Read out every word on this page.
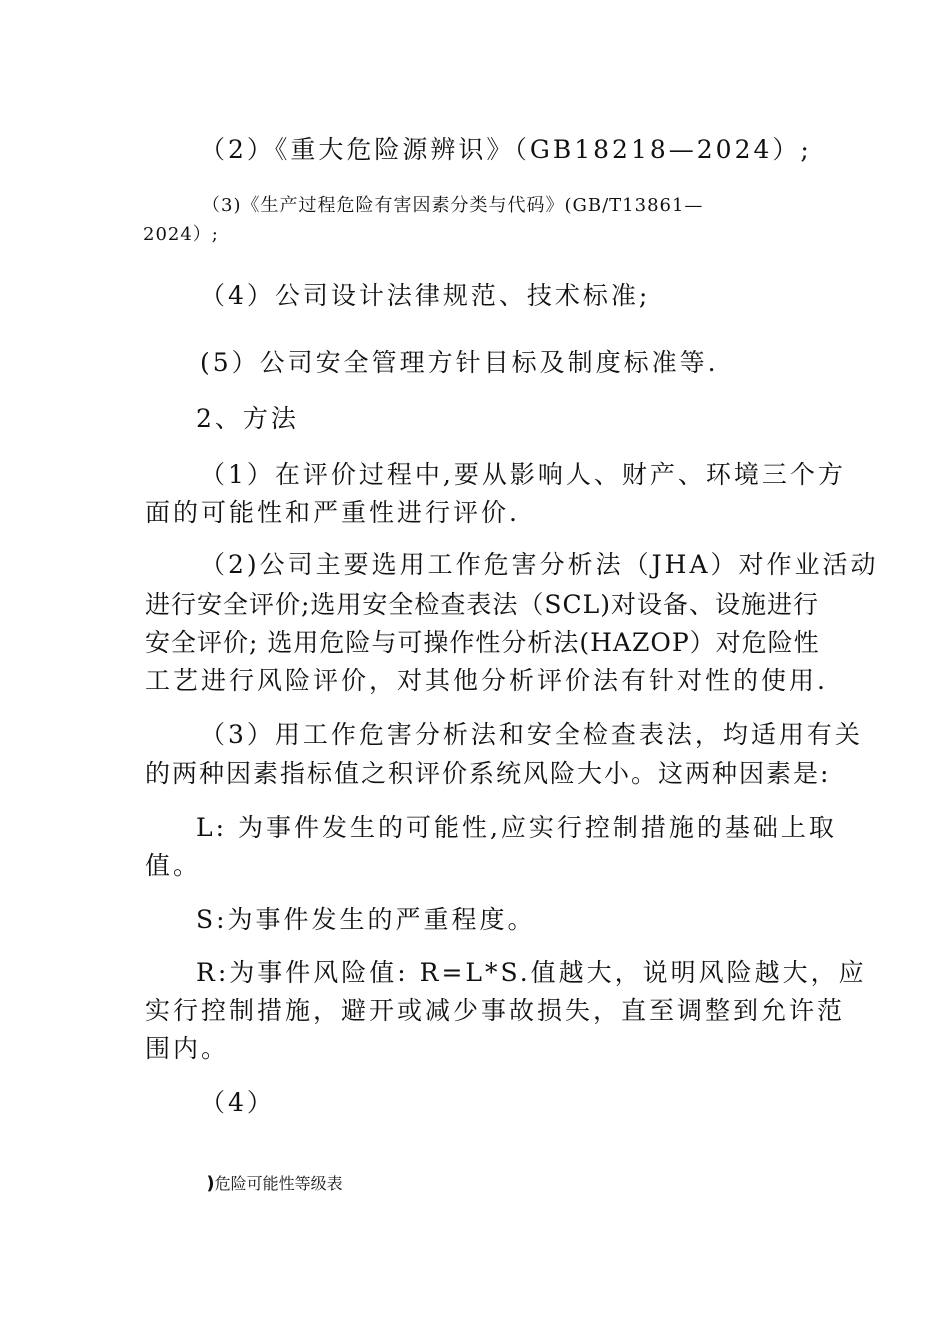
（2）《重大危险源辨识》（GB18218—2024）;
（3)《生产过程危险有害因素分类与代码》(GB/T13861—
2024）;
（4）公司设计法律规范、技术标准;
(5）公司安全管理方针目标及制度标准等.
2、方法
（1）在评价过程中,要从影响人、财产、环境三个方
面的可能性和严重性进行评价.
（2)公司主要选用工作危害分析法（JHA）对作业活动
进行安全评价;选用安全检查表法（SCL)对设备、设施进行
安全评价; 选用危险与可操作性分析法(HAZOP）对危险性
工艺进行风险评价，对其他分析评价法有针对性的使用.
（3）用工作危害分析法和安全检查表法，均适用有关
的两种因素指标值之积评价系统风险大小。这两种因素是:
L: 为事件发生的可能性,应实行控制措施的基础上取
值。
S:为事件发生的严重程度。
R:为事件风险值: R=L*S.值越大，说明风险越大，应
实行控制措施，避开或减少事故损失，直至调整到允许范
围内。
（4）

)危险可能性等级表
